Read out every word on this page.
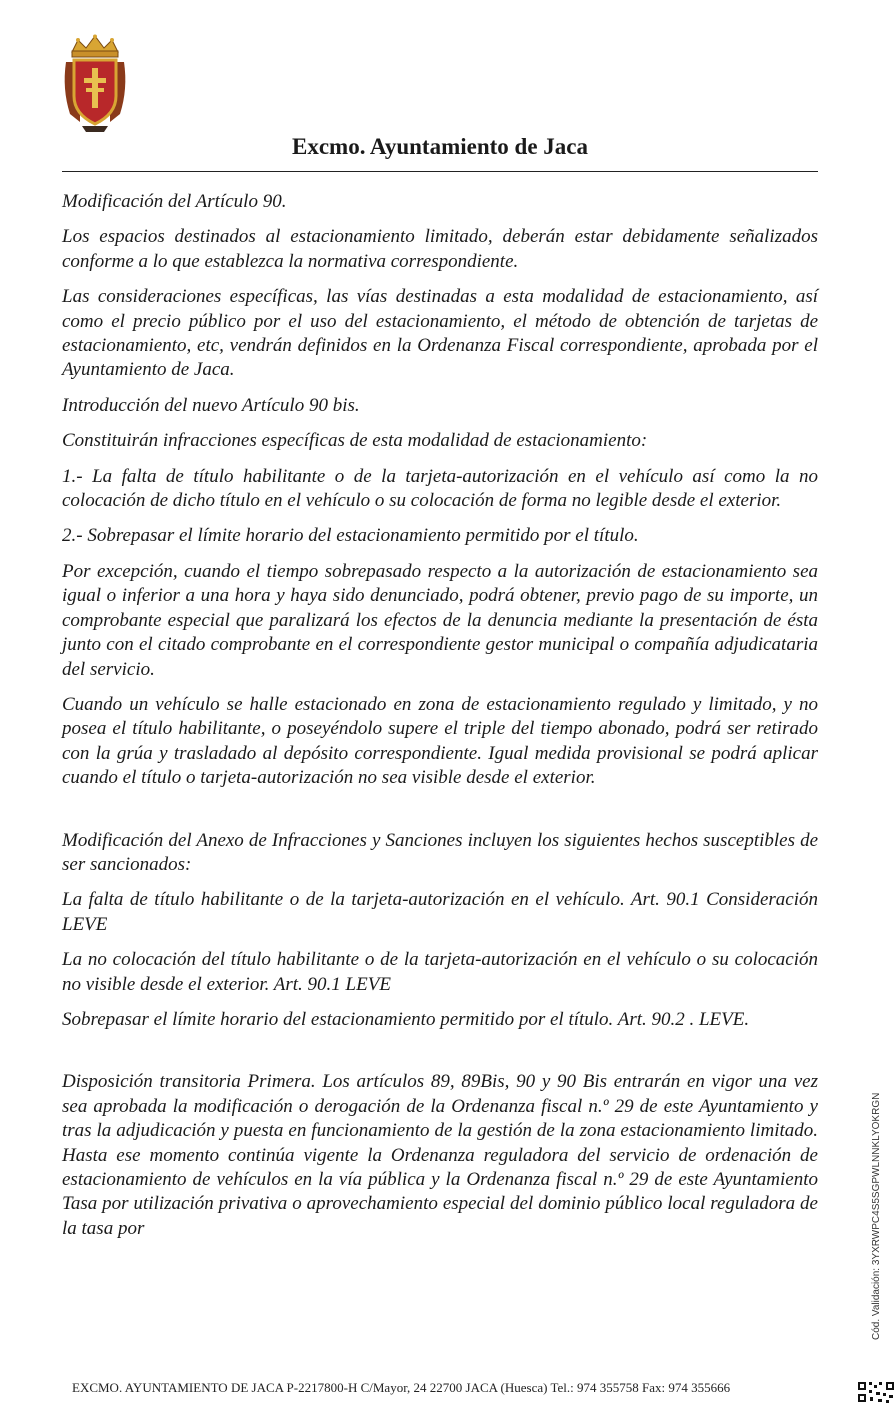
Excmo. Ayuntamiento de Jaca

Modificación del Artículo 90.

Los espacios destinados al estacionamiento limitado, deberán estar debidamente señalizados conforme a lo que establezca la normativa correspondiente.

Las consideraciones específicas, las vías destinadas a esta modalidad de estacionamiento, así como el precio público por el uso del estacionamiento, el método de obtención de tarjetas de estacionamiento, etc, vendrán definidos en la Ordenanza Fiscal correspondiente, aprobada por el Ayuntamiento de Jaca.

Introducción del nuevo Artículo 90 bis.

Constituirán infracciones específicas de esta modalidad de estacionamiento:

1.- La falta de título habilitante o de la tarjeta-autorización en el vehículo así como la no colocación de dicho título en el vehículo o su colocación de forma no legible desde el exterior.

2.- Sobrepasar el límite horario del estacionamiento permitido por el título.

Por excepción, cuando el tiempo sobrepasado respecto a la autorización de estacionamiento sea igual o inferior a una hora y haya sido denunciado, podrá obtener, previo pago de su importe, un comprobante especial que paralizará los efectos de la denuncia mediante la presentación de ésta junto con el citado comprobante en el correspondiente gestor municipal o compañía adjudicataria del servicio.

Cuando un vehículo se halle estacionado en zona de estacionamiento regulado y limitado, y no posea el título habilitante, o poseyéndolo supere el triple del tiempo abonado, podrá ser retirado con la grúa y trasladado al depósito correspondiente. Igual medida provisional se podrá aplicar cuando el título o tarjeta-autorización no sea visible desde el exterior.

Modificación del Anexo de Infracciones y Sanciones incluyen los siguientes hechos susceptibles de ser sancionados:

La falta de título habilitante o de la tarjeta-autorización en el vehículo. Art. 90.1 Consideración LEVE

La no colocación del título habilitante o de la tarjeta-autorización en el vehículo o su colocación no visible desde el exterior. Art. 90.1 LEVE

Sobrepasar el límite horario del estacionamiento permitido por el título. Art. 90.2 . LEVE.

Disposición transitoria Primera. Los artículos 89, 89Bis, 90 y 90 Bis entrarán en vigor una vez sea aprobada la modificación o derogación de la Ordenanza fiscal n.º 29 de este Ayuntamiento y tras la adjudicación y puesta en funcionamiento de la gestión de la zona estacionamiento limitado. Hasta ese momento continúa vigente la Ordenanza reguladora del servicio de ordenación de estacionamiento de vehículos en la vía pública y la Ordenanza fiscal n.º 29 de este Ayuntamiento Tasa por utilización privativa o aprovechamiento especial del dominio público local reguladora de la tasa por	Cód. Validación: 3YXRWPC4S5SGPWLNNKLYOKRGN
EXCMO. AYUNTAMIENTO DE JACA P-2217800-H C/Mayor, 24 22700 JACA (Huesca) Tel.: 974 355758 Fax: 974 355666
